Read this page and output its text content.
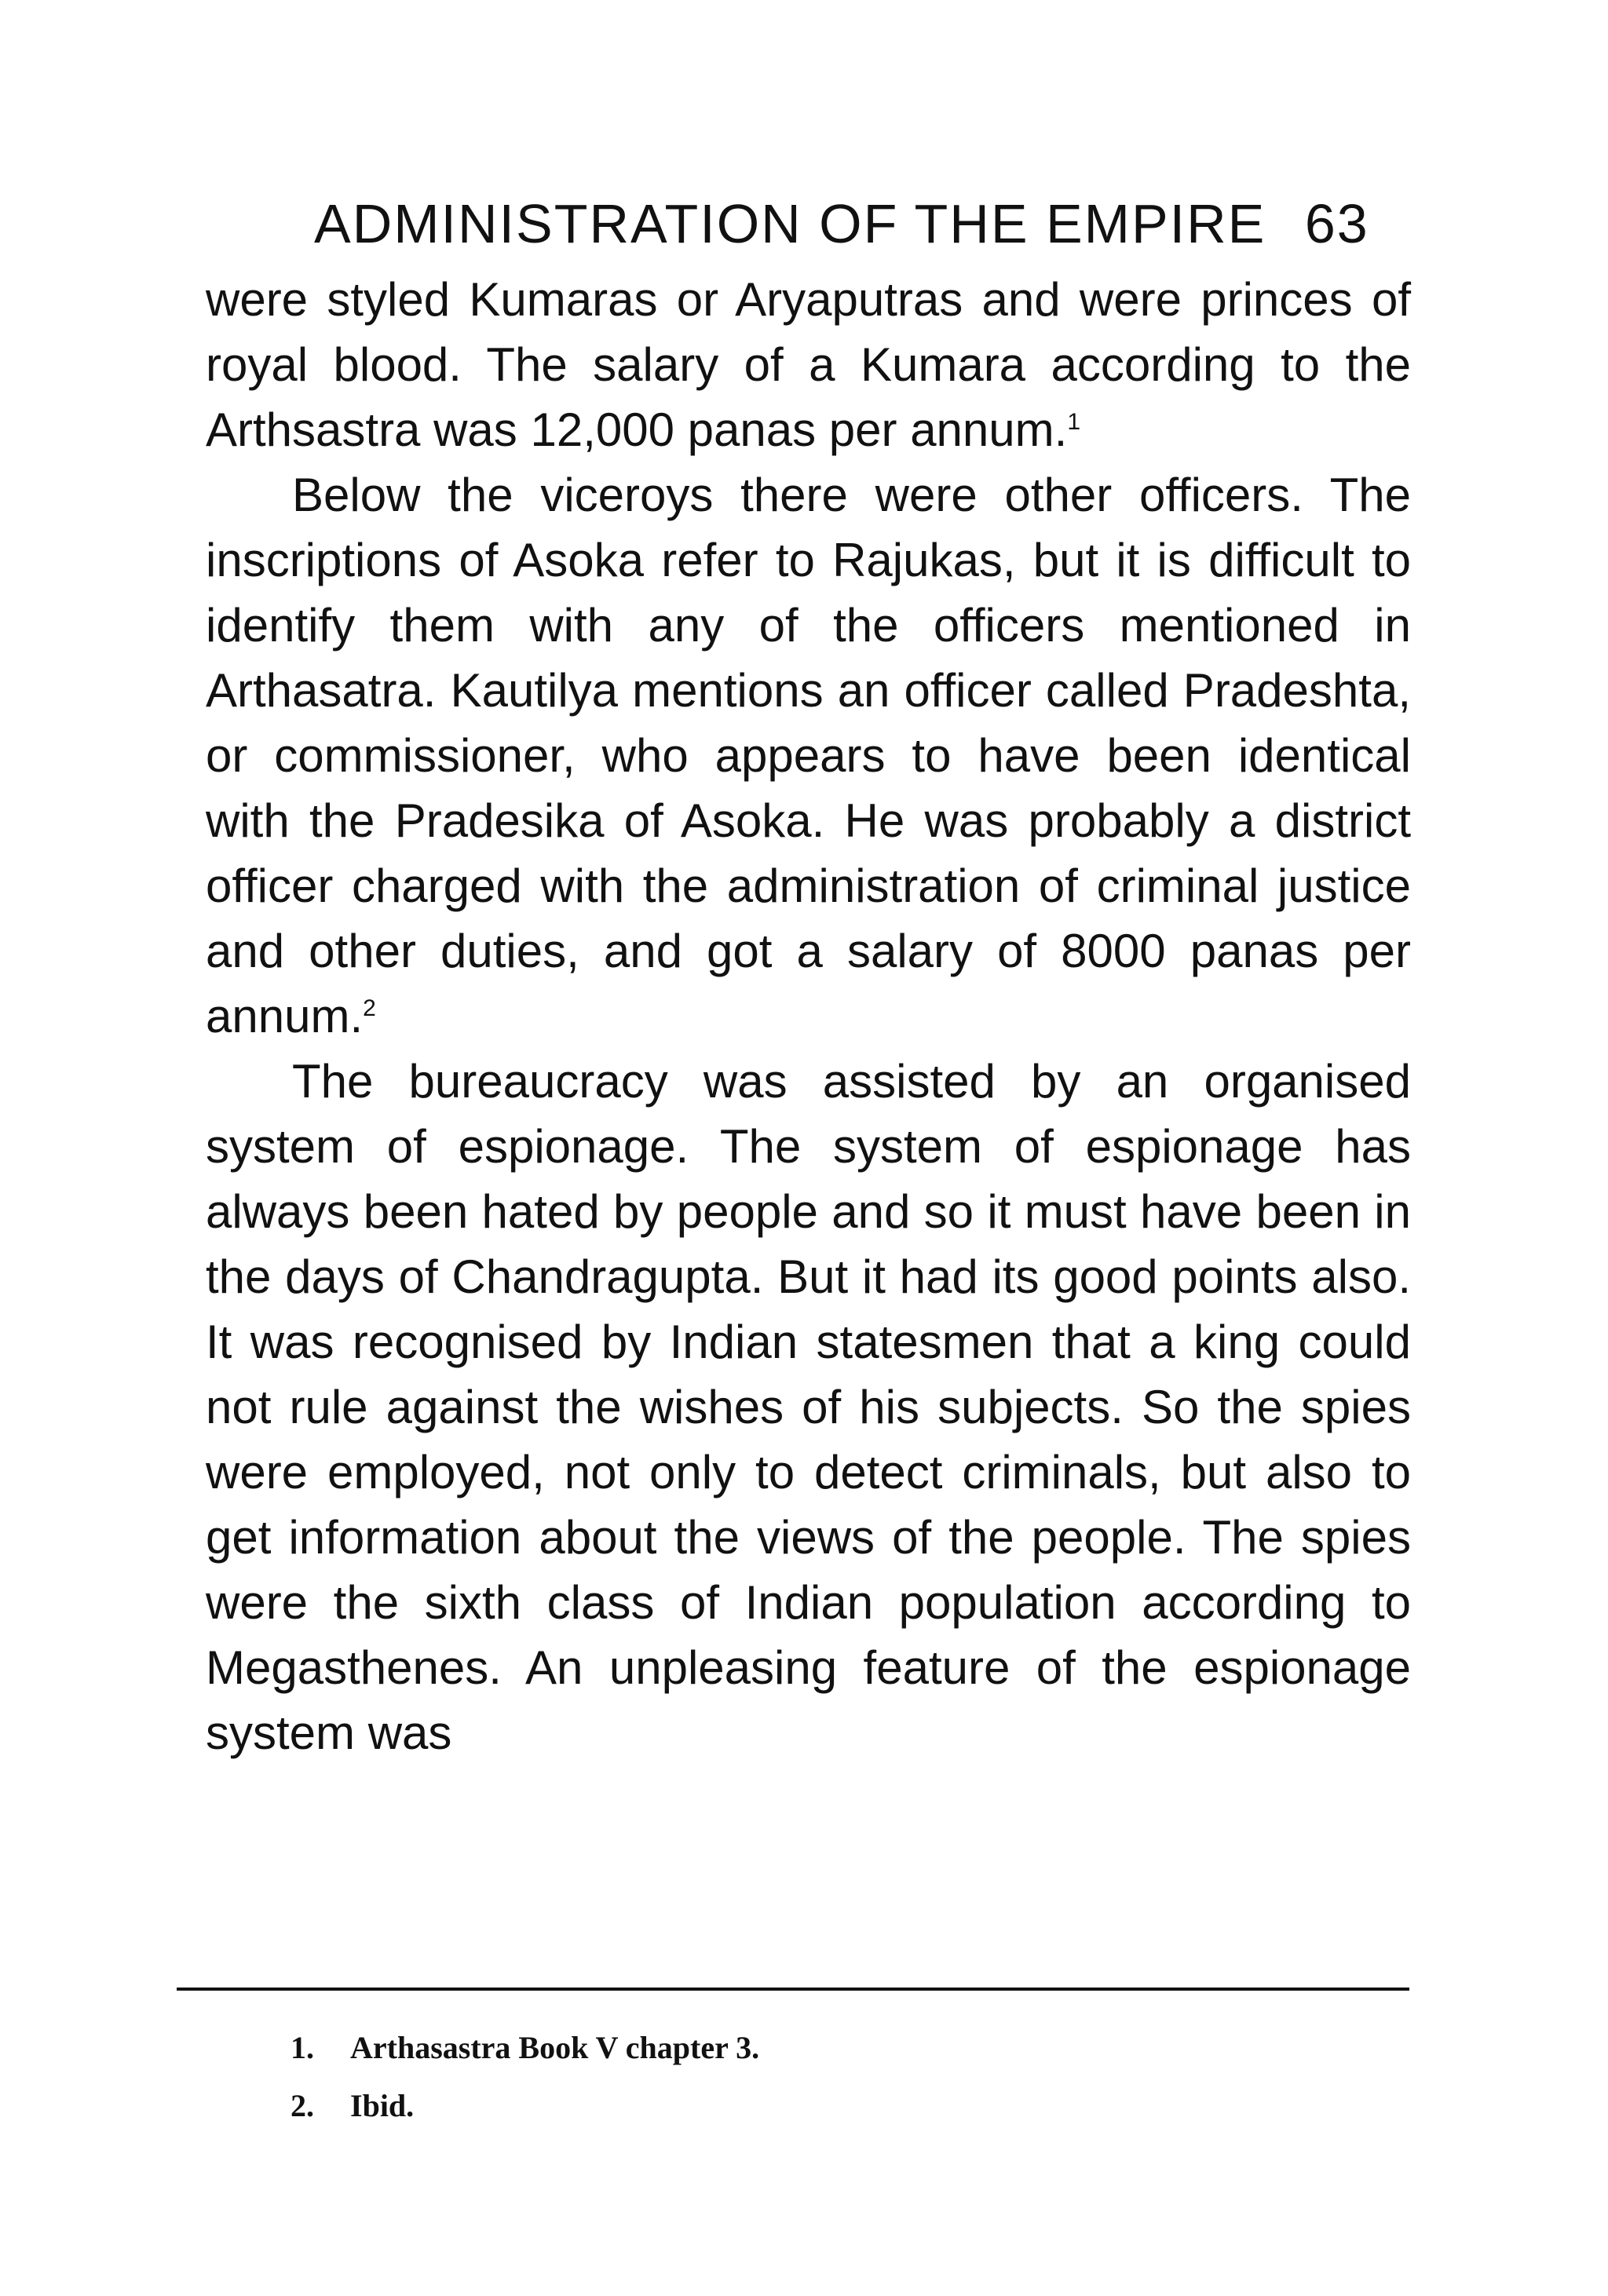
ADMINISTRATION OF THE EMPIRE 63

were styled Kumaras or Aryaputras and were princes of royal blood. The salary of a Kumara according to the Arthsastra was 12,000 panas per annum.$^1$

Below the viceroys there were other officers. The inscriptions of Asoka refer to Rajukas, but it is difficult to identify them with any of the officers mentioned in Arthasatra. Kautilya mentions an officer called Pradeshta, or commissioner, who appears to have been identical with the Pradesika of Asoka. He was probably a district officer charged with the administration of criminal justice and other duties, and got a salary of 8000 panas per annum.$^2$

The bureaucracy was assisted by an organised system of espionage. The system of espionage has always been hated by people and so it must have been in the days of Chandragupta. But it had its good points also. It was recognised by Indian statesmen that a king could not rule against the wishes of his subjects. So the spies were employed, not only to detect criminals, but also to get information about the views of the people. The spies were the sixth class of Indian population according to Megasthenes. An unpleasing feature of the espionage system was

1. Arthasastra Book V chapter 3.
2. Ibid.
